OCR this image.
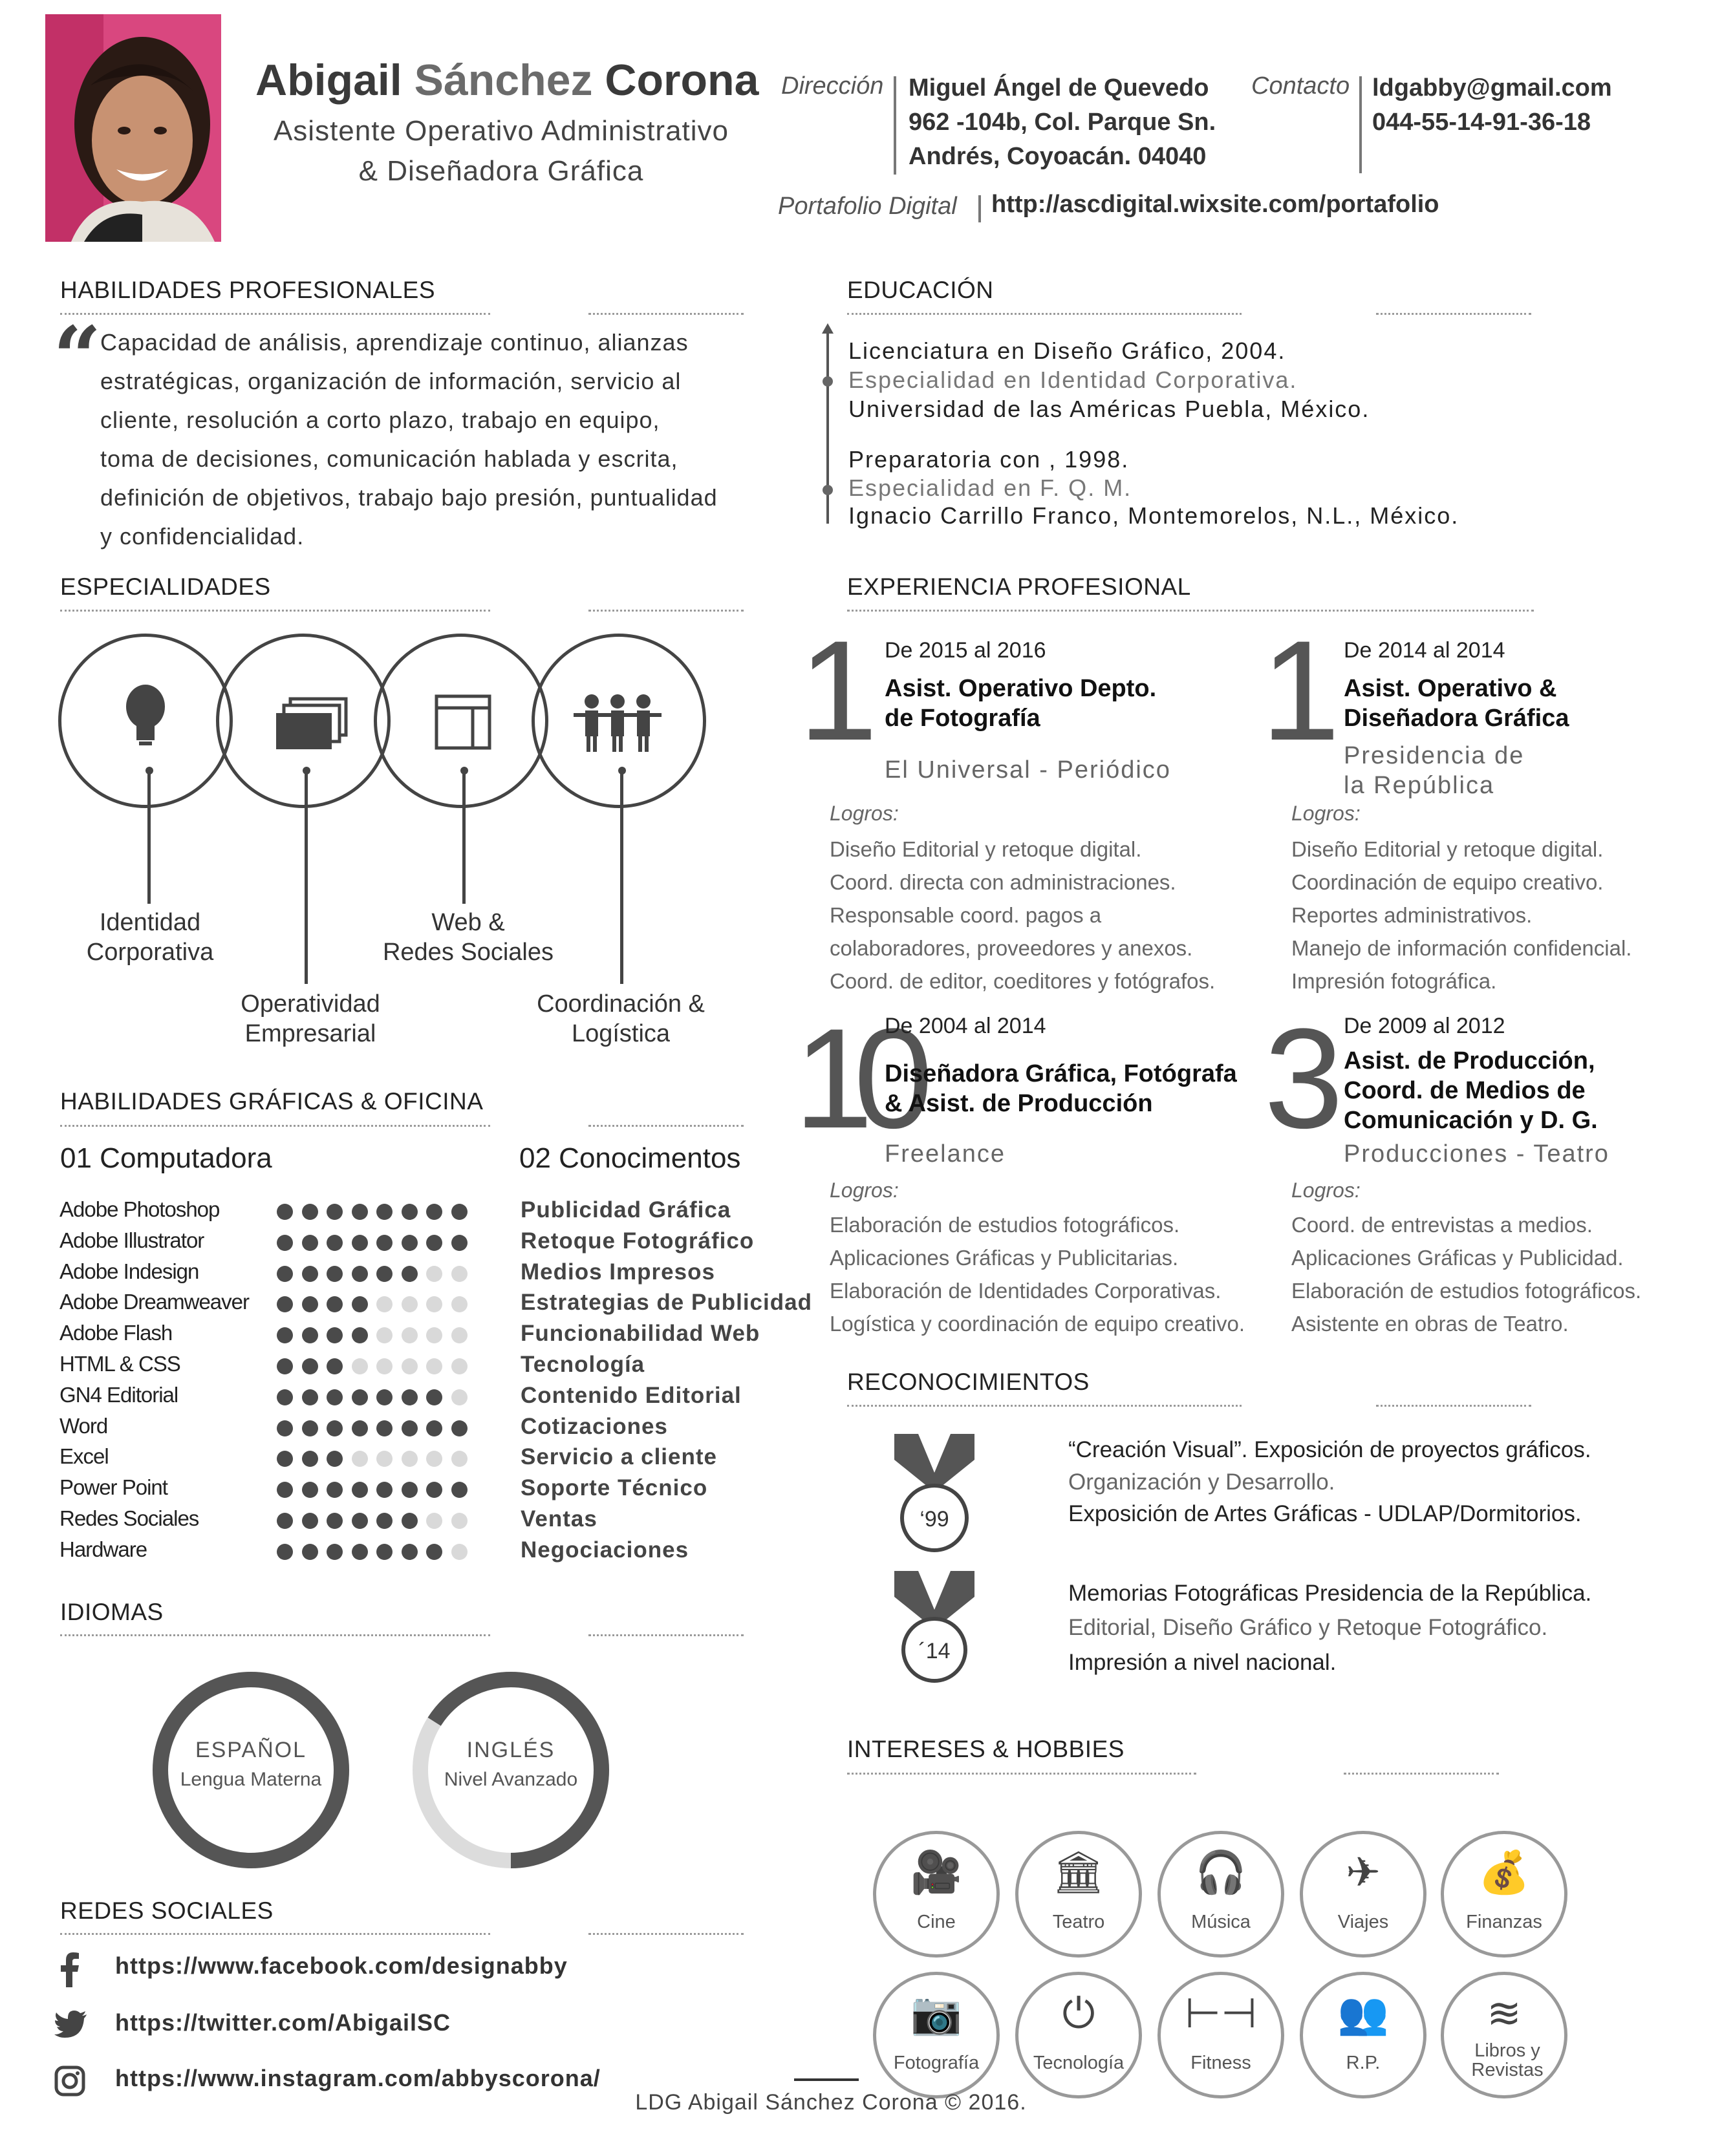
Abigail Sánchez Corona
Asistente Operativo Administrativo
& Diseñadora Gráfica
Dirección Miguel Ángel de Quevedo
962 -104b, Col. Parque Sn.
Andrés, Coyoacán. 04040
Contacto ldgabby@gmail.com
044-55-14-91-36-18
Portafolio Digital http://ascdigital.wixsite.com/portafolio
HABILIDADES PROFESIONALES
“
Capacidad de análisis, aprendizaje continuo, alianzas
estratégicas, organización de información, servicio al
cliente, resolución a corto plazo, trabajo en equipo,
toma de decisiones, comunicación hablada y escrita,
definición de objetivos, trabajo bajo presión, puntualidad
y confidencialidad.
EDUCACIÓN
Licenciatura en Diseño Gráfico, 2004.
Especialidad en Identidad Corporativa.
Universidad de las Américas Puebla, México.
Preparatoria con , 1998.
Especialidad en F. Q. M.
Ignacio Carrillo Franco, Montemorelos, N.L., México.
ESPECIALIDADES
Identidad
Corporativa
Operatividad
Empresarial
Web &
Redes Sociales
Coordinación &
Logística
HABILIDADES GRÁFICAS & OFICINA
01 Computadora	02 Conocimentos
Adobe Photoshop
Adobe Illustrator
Adobe Indesign
Adobe Dreamweaver
Adobe Flash
HTML & CSS
GN4 Editorial
Word
Excel
Power Point
Redes Sociales
Hardware
Publicidad Gráfica
Retoque Fotográfico
Medios Impresos
Estrategias de Publicidad
Funcionabilidad Web
Tecnología
Contenido Editorial
Cotizaciones
Servicio a cliente
Soporte Técnico
Ventas
Negociaciones
IDIOMAS
ESPAÑOL
Lengua Materna
INGLÉS
Nivel Avanzado
REDES SOCIALES
https://www.facebook.com/designabby
https://twitter.com/AbigailSC
https://www.instagram.com/abbyscorona/
EXPERIENCIA PROFESIONAL
1 De 2015 al 2016
Asist. Operativo Depto.
de Fotografía
El Universal - Periódico
Logros:
Diseño Editorial y retoque digital.
Coord. directa con administraciones.
Responsable coord. pagos a
colaboradores, proveedores y anexos.
Coord. de editor, coeditores y fotógrafos.
1 De 2014 al 2014
Asist. Operativo &
Diseñadora Gráfica
Presidencia de
la República
Logros:
Diseño Editorial y retoque digital.
Coordinación de equipo creativo.
Reportes administrativos.
Manejo de información confidencial.
Impresión fotográfica.
10
De 2004 al 2014
Diseñadora Gráfica, Fotógrafa
& Asist. de Producción
Freelance
Logros:
Elaboración de estudios fotográficos.
Aplicaciones Gráficas y Publicitarias.
Elaboración de Identidades Corporativas.
Logística y coordinación de equipo creativo.
3 De 2009 al 2012
Asist. de Producción,
Coord. de Medios de
Comunicación y D. G.
Producciones - Teatro
Logros:
Coord. de entrevistas a medios.
Aplicaciones Gráficas y Publicidad.
Elaboración de estudios fotográficos.
Asistente en obras de Teatro.
RECONOCIMIENTOS
‘99
“Creación Visual”. Exposición de proyectos gráficos.
Organización y Desarrollo.
Exposición de Artes Gráficas - UDLAP/Dormitorios.
´14
Memorias Fotográficas Presidencia de la República.
Editorial, Diseño Gráfico y Retoque Fotográfico.
Impresión a nivel nacional.
INTERESES & HOBBIES
🎥
Cine
🏛
Teatro
🎧
Música
✈
Viajes
💰
Finanzas
📷
Fotografía
⏻
Tecnología
⊢⊣
Fitness
👥
R.P.
≋
Libros y Revistas
LDG Abigail Sánchez Corona © 2016.
